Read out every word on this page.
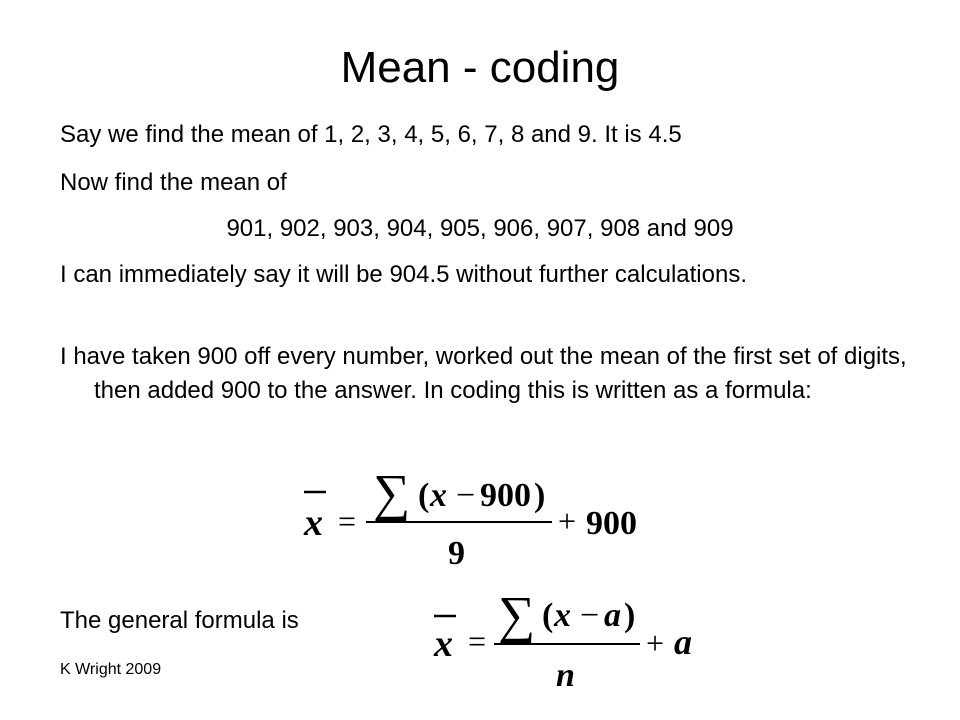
Mean - coding

Say we find the mean of 1, 2, 3, 4, 5, 6, 7, 8 and 9. It is 4.5

Now find the mean of

901, 902, 903, 904, 905, 906, 907, 908 and 909

I can immediately say it will be 904.5 without further calculations.

I have taken 900 off every number, worked out the mean of the first set of digits, then added 900 to the answer. In coding this is written as a formula:

x = ∑ ( x − 900 )
9
+ 900

The general formula is

x = ∑ ( x − a )
n
+ a
K Wright 2009
